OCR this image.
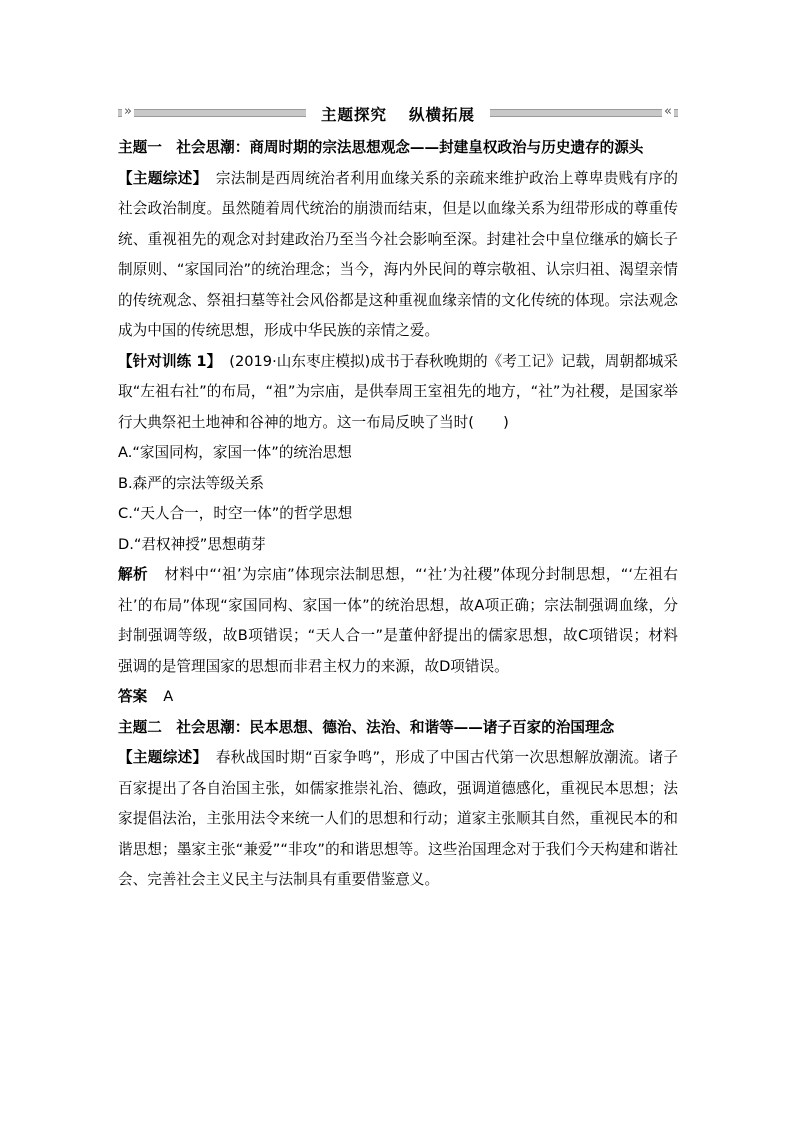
»	«
主题探究 纵横拓展

主题一　社会思潮：商周时期的宗法思想观念——封建皇权政治与历史遗存的源头

【主题综述】 宗法制是西周统治者利用血缘关系的亲疏来维护政治上尊卑贵贱有序的社会政治制度。虽然随着周代统治的崩溃而结束，但是以血缘关系为纽带形成的尊重传统、重视祖先的观念对封建政治乃至当今社会影响至深。封建社会中皇位继承的嫡长子制原则、“家国同治”的统治理念；当今，海内外民间的尊宗敬祖、认宗归祖、渴望亲情的传统观念、祭祖扫墓等社会风俗都是这种重视血缘亲情的文化传统的体现。宗法观念成为中国的传统思想，形成中华民族的亲情之爱。

【针对训练 1】 (2019·山东枣庄模拟)成书于春秋晚期的《考工记》记载，周朝都城采取“左祖右社”的布局，“祖”为宗庙，是供奉周王室祖先的地方，“社”为社稷，是国家举行大典祭祀土地神和谷神的地方。这一布局反映了当时(　　)

A.“家国同构，家国一体”的统治思想

B.森严的宗法等级关系

C.“天人合一，时空一体”的哲学思想

D.“君权神授”思想萌芽

解析 材料中“‘祖’为宗庙”体现宗法制思想，“‘社’为社稷”体现分封制思想，“‘左祖右社’的布局”体现“家国同构、家国一体”的统治思想，故A项正确；宗法制强调血缘，分封制强调等级，故B项错误；“天人合一”是董仲舒提出的儒家思想，故C项错误；材料强调的是管理国家的思想而非君主权力的来源，故D项错误。

答案 A

主题二　社会思潮：民本思想、德治、法治、和谐等——诸子百家的治国理念

【主题综述】 春秋战国时期“百家争鸣”，形成了中国古代第一次思想解放潮流。诸子百家提出了各自治国主张，如儒家推崇礼治、德政，强调道德感化，重视民本思想；法家提倡法治，主张用法令来统一人们的思想和行动；道家主张顺其自然，重视民本的和谐思想；墨家主张“兼爱”“非攻”的和谐思想等。这些治国理念对于我们今天构建和谐社会、完善社会主义民主与法制具有重要借鉴意义。
